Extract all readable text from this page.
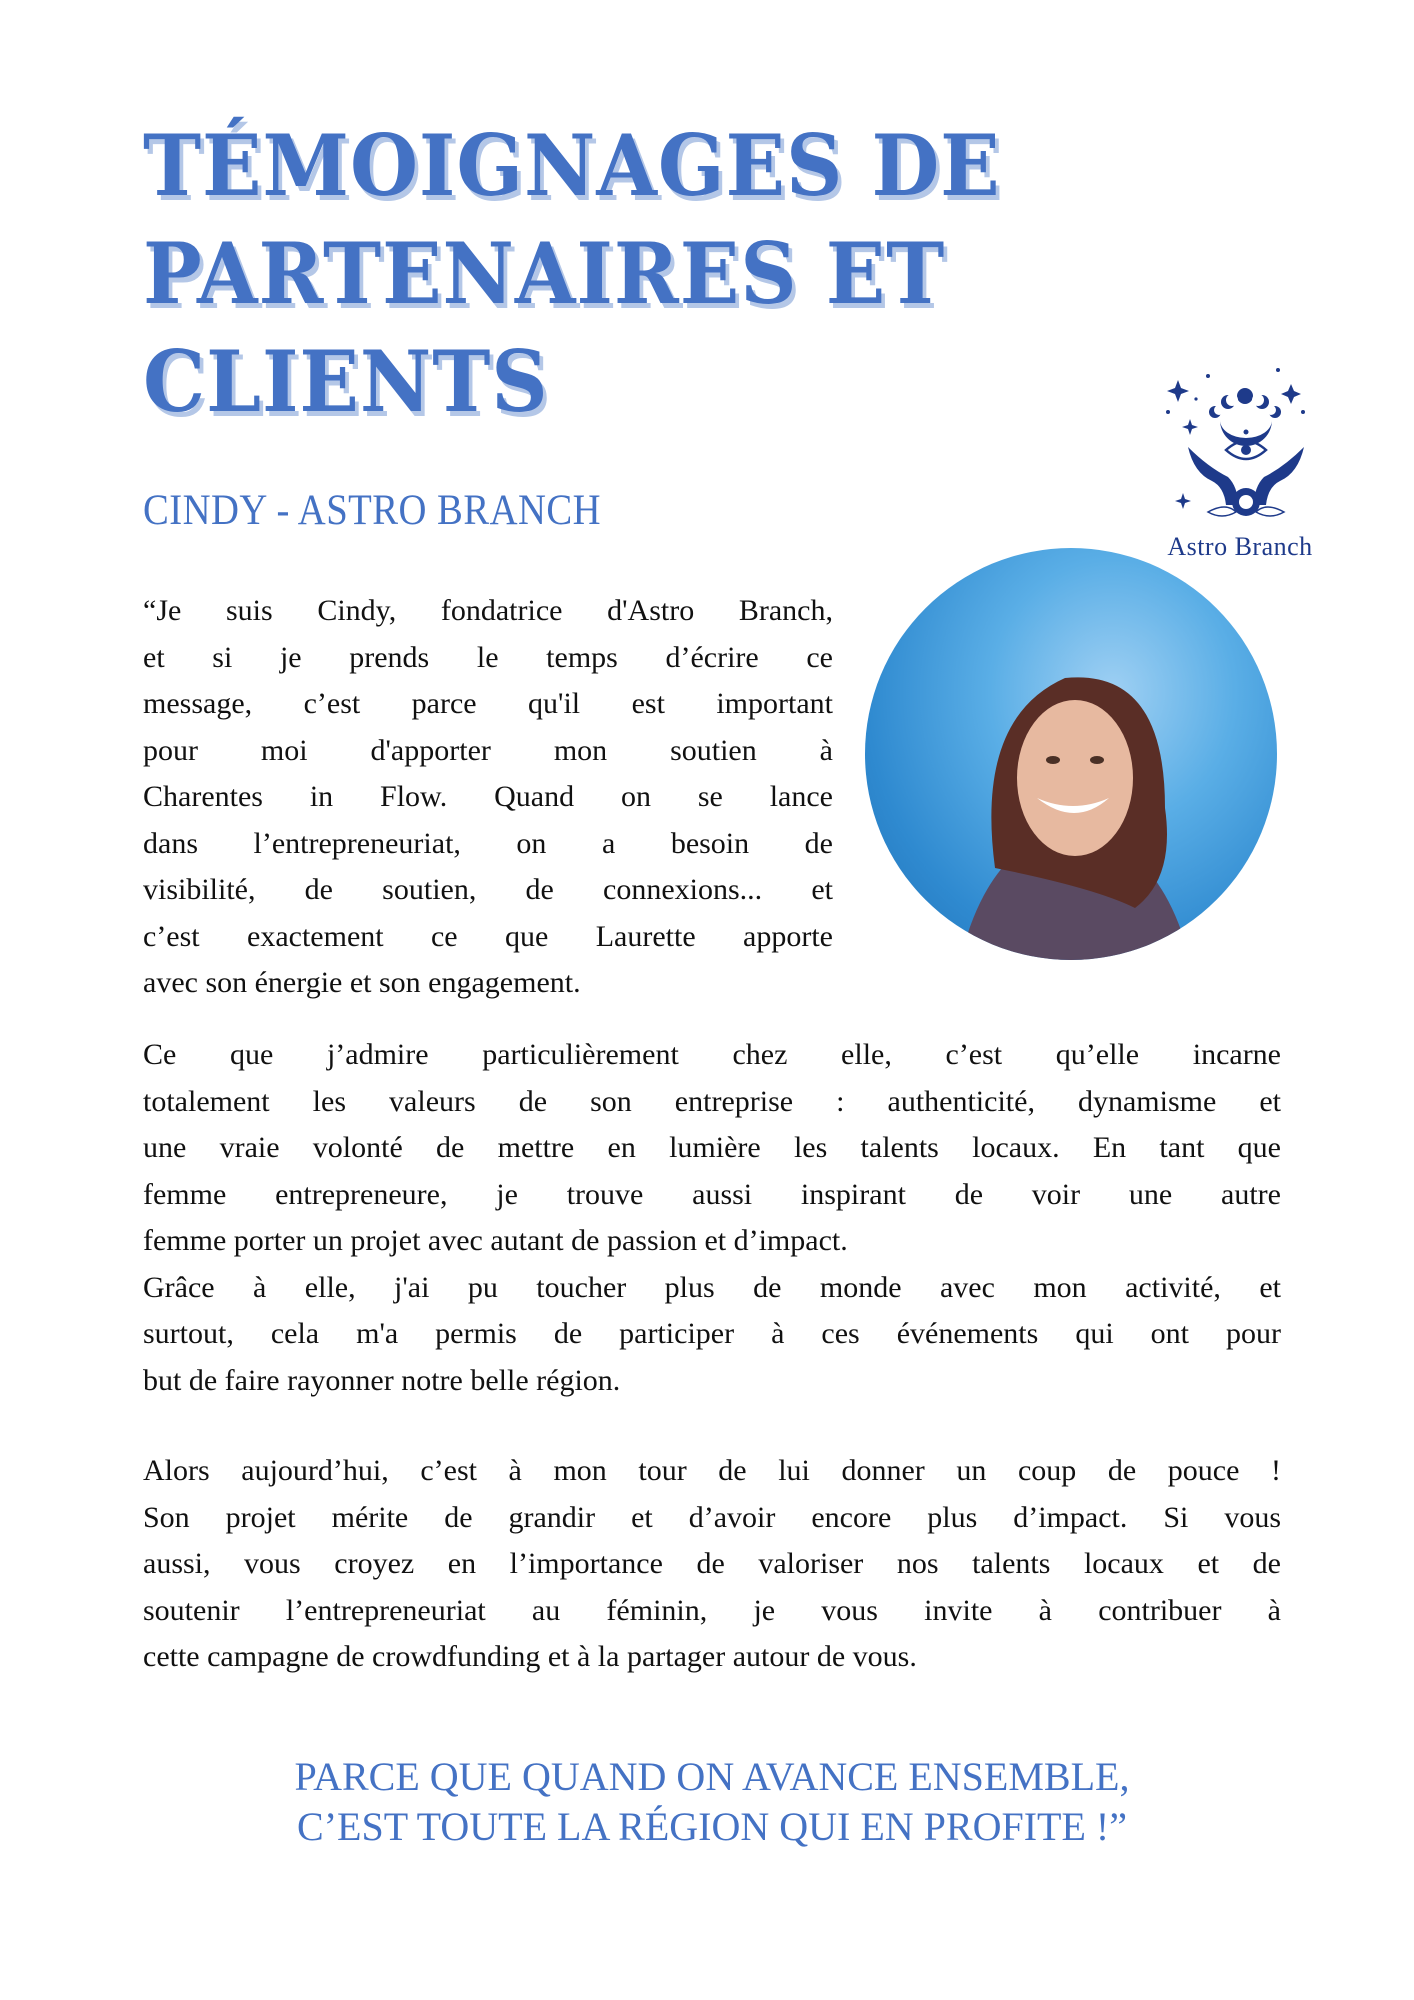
TÉMOIGNAGES DE
PARTENAIRES ET
CLIENTS
CINDY - ASTRO BRANCH
Astro Branch
“Je suis Cindy, fondatrice d'Astro Branch,
et si je prends le temps d’écrire ce
message, c’est parce qu'il est important
pour moi d'apporter mon soutien à
Charentes in Flow. Quand on se lance
dans l’entrepreneuriat, on a besoin de
visibilité, de soutien, de connexions... et
c’est exactement ce que Laurette apporte
avec son énergie et son engagement.
Ce que j’admire particulièrement chez elle, c’est qu’elle incarne
totalement les valeurs de son entreprise : authenticité, dynamisme et
une vraie volonté de mettre en lumière les talents locaux. En tant que
femme entrepreneure, je trouve aussi inspirant de voir une autre
femme porter un projet avec autant de passion et d’impact.
Grâce à elle, j'ai pu toucher plus de monde avec mon activité, et
surtout, cela m'a permis de participer à ces événements qui ont pour
but de faire rayonner notre belle région.
Alors aujourd’hui, c’est à mon tour de lui donner un coup de pouce !
Son projet mérite de grandir et d’avoir encore plus d’impact. Si vous
aussi, vous croyez en l’importance de valoriser nos talents locaux et de
soutenir l’entrepreneuriat au féminin, je vous invite à contribuer à
cette campagne de crowdfunding et à la partager autour de vous.

PARCE QUE QUAND ON AVANCE ENSEMBLE,
C’EST TOUTE LA RÉGION QUI EN PROFITE !”
